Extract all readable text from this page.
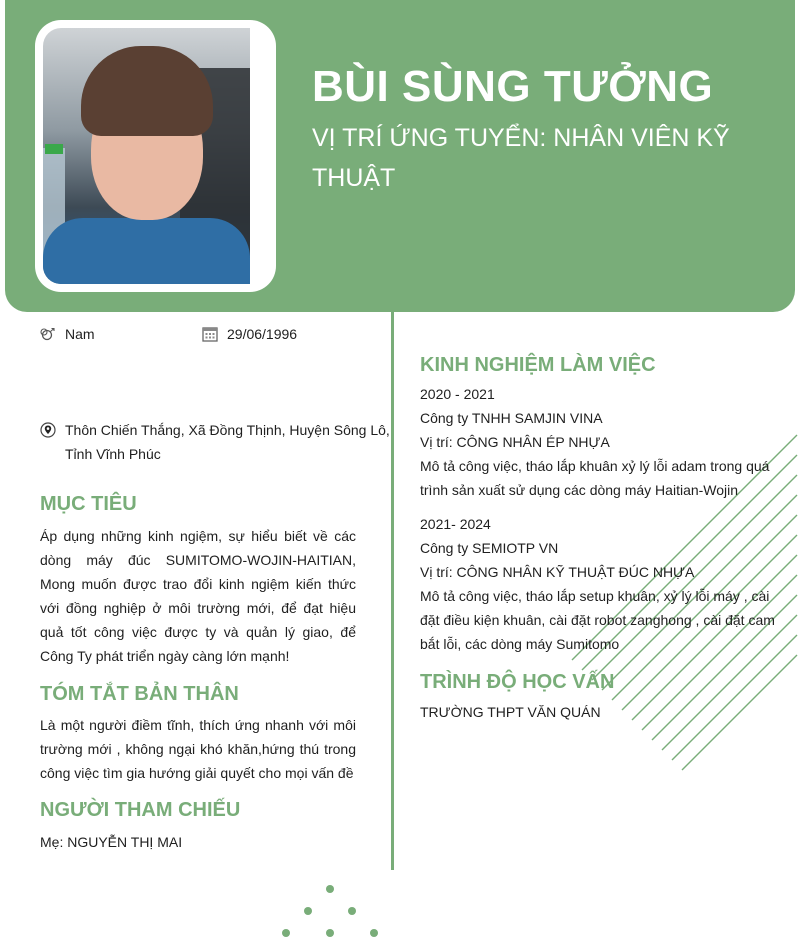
BÙI SÙNG TƯỞNG
VỊ TRÍ ỨNG TUYỂN: NHÂN VIÊN KỸ THUẬT
Nam	29/06/1996
Thôn Chiến Thắng, Xã Đồng Thịnh, Huyện Sông Lô,
Tỉnh Vĩnh Phúc
MỤC TIÊU
Áp dụng những kinh ngiệm, sự hiểu biết về các dòng máy đúc SUMITOMO-WOJIN-HAITIAN, Mong muốn được trao đổi kinh ngiệm kiến thức với đồng nghiệp ở môi trường mới, để đạt hiệu quả tốt công việc được ty và quản lý giao, để Công Ty phát triển ngày càng lớn mạnh!
TÓM TẮT BẢN THÂN
Là một người điềm tĩnh, thích ứng nhanh với môi trường mới , không ngại khó khăn,hứng thú trong công việc tìm gia hướng giải quyết cho mọi vấn đề
NGƯỜI THAM CHIẾU
Mẹ: NGUYỄN THỊ MAI
KINH NGHIỆM LÀM VIỆC
2020 - 2021
Công ty TNHH SAMJIN VINA
Vị trí: CÔNG NHÂN ÉP NHỰA
Mô tả công việc, tháo lắp khuân xỷ lý lỗi adam trong quá
trình sản xuất sử dụng các dòng máy Haitian-Wojin
2021- 2024
Công ty SEMIOTP VN
Vị trí: CÔNG NHÂN KỸ THUẬT ĐÚC NHỰA
Mô tả công việc, tháo lắp setup khuân, xỷ lý lỗi máy , cài
đặt điều kiện khuân, cài đặt robot zanghong , cài đặt cam
bắt lỗi, các dòng máy Sumitomo
TRÌNH ĐỘ HỌC VẤN
TRƯỜNG THPT VĂN QUÁN
